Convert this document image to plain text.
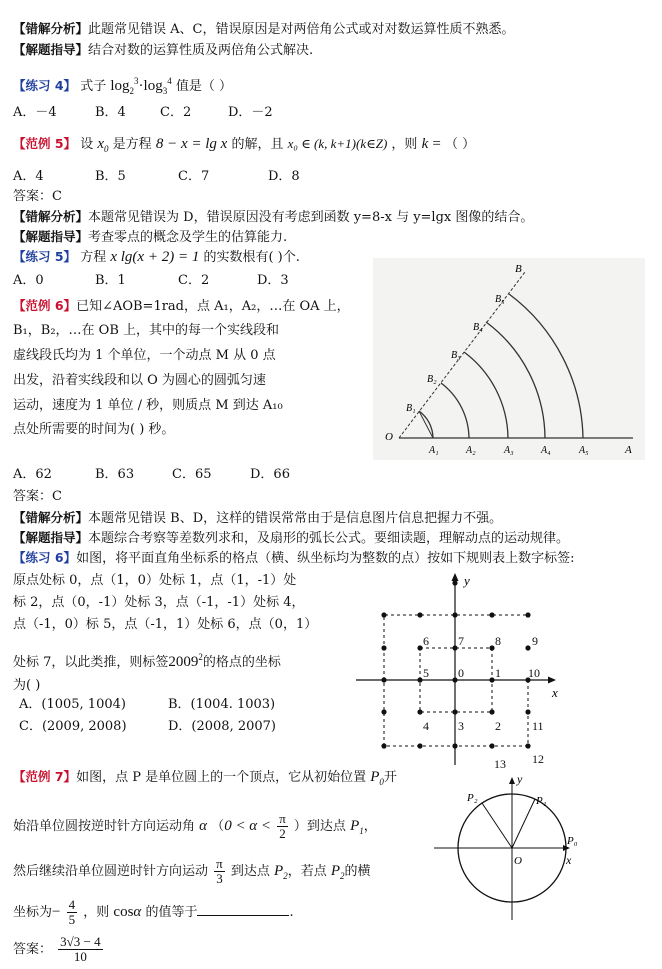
【错解分析】此题常见错误 A、C，错误原因是对两倍角公式或对对数运算性质不熟悉。
【解题指导】结合对数的运算性质及两倍角公式解决.
【练习 4】 式子 $\log_2^3\cdot\log_3^4$ 值是（ ）
A．－4	B．4	C．2	D．－2
【范例 5】 设 $x_0$ 是方程 8 − x = lg x 的解，且 x₀ ∈ (k, k+1)(k∈Z) ，则 k = （ ）
A．4	B．5	C．7	D．8
答案：C
【错解分析】本题常见错误为 D，错误原因没有考虑到函数 y=8-x 与 y=lgx 图像的结合。
【解题指导】考查零点的概念及学生的估算能力.
【练习 5】 方程 x lg(x + 2) = 1 的实数根有( )个.
A．0	B．1	C．2	D．3
【范例 6】已知∠AOB=1rad，点 A₁，A₂，…在 OA 上，
B₁，B₂，…在 OB 上，其中的每一个实线段和
虚线段氏均为 1 个单位，一个动点 M 从 0 点
出发，沿着实线段和以 O 为圆心的圆弧匀速
运动，速度为 1 单位 / 秒，则质点 M 到达 A₁₀
点处所需要的时间为( ) 秒。	O
A
B
A₁	A₂	A₃	A₄	A₅
B₁
B₂
B₃
B₄
B₅
A．62	B．63	C．65	D．66
答案：C
【错解分析】本题常见错误 B、D，这样的错误常常由于是信息图片信息把握力不强。
【解题指导】本题综合考察等差数列求和，及扇形的弧长公式。要细读题，理解动点的运动规律。
【练习 6】如图，将平面直角坐标系的格点（横、纵坐标均为整数的点）按如下规则表上数字标签:
原点处标 0，点（1，0）处标 1，点（1，-1）处
标 2，点（0，-1）处标 3，点（-1，-1）处标 4，
点（-1，0）标 5，点（-1，1）处标 6，点（0，1）
处标 7，以此类推，则标签2009$^2$的格点的坐标
为( )
A．(1005, 1004)	B．(1004. 1003)
C．(2009, 2008)	D．(2008, 2007)
0	1
2
3
4
5
6 7	8	9
10
11
12
13
x
y
【范例 7】如图，点 P 是单位圆上的一个顶点，它从初始位置 $P_0$开
始沿单位圆按逆时针方向运动角 α （$0 < \alpha < \frac{\pi}{2}$ ）到达点 $P_1$，
然后继续沿单位圆逆时针方向运动 $\frac{\pi}{3}$ 到达点 $P_2$，若点 $P_2$的横
坐标为− $\frac{4}{5}$ ，则 cosα 的值等于	.
答案： $\frac{3√3 - 4}{10}$
P₀
P₁
P₂
O	x
y
